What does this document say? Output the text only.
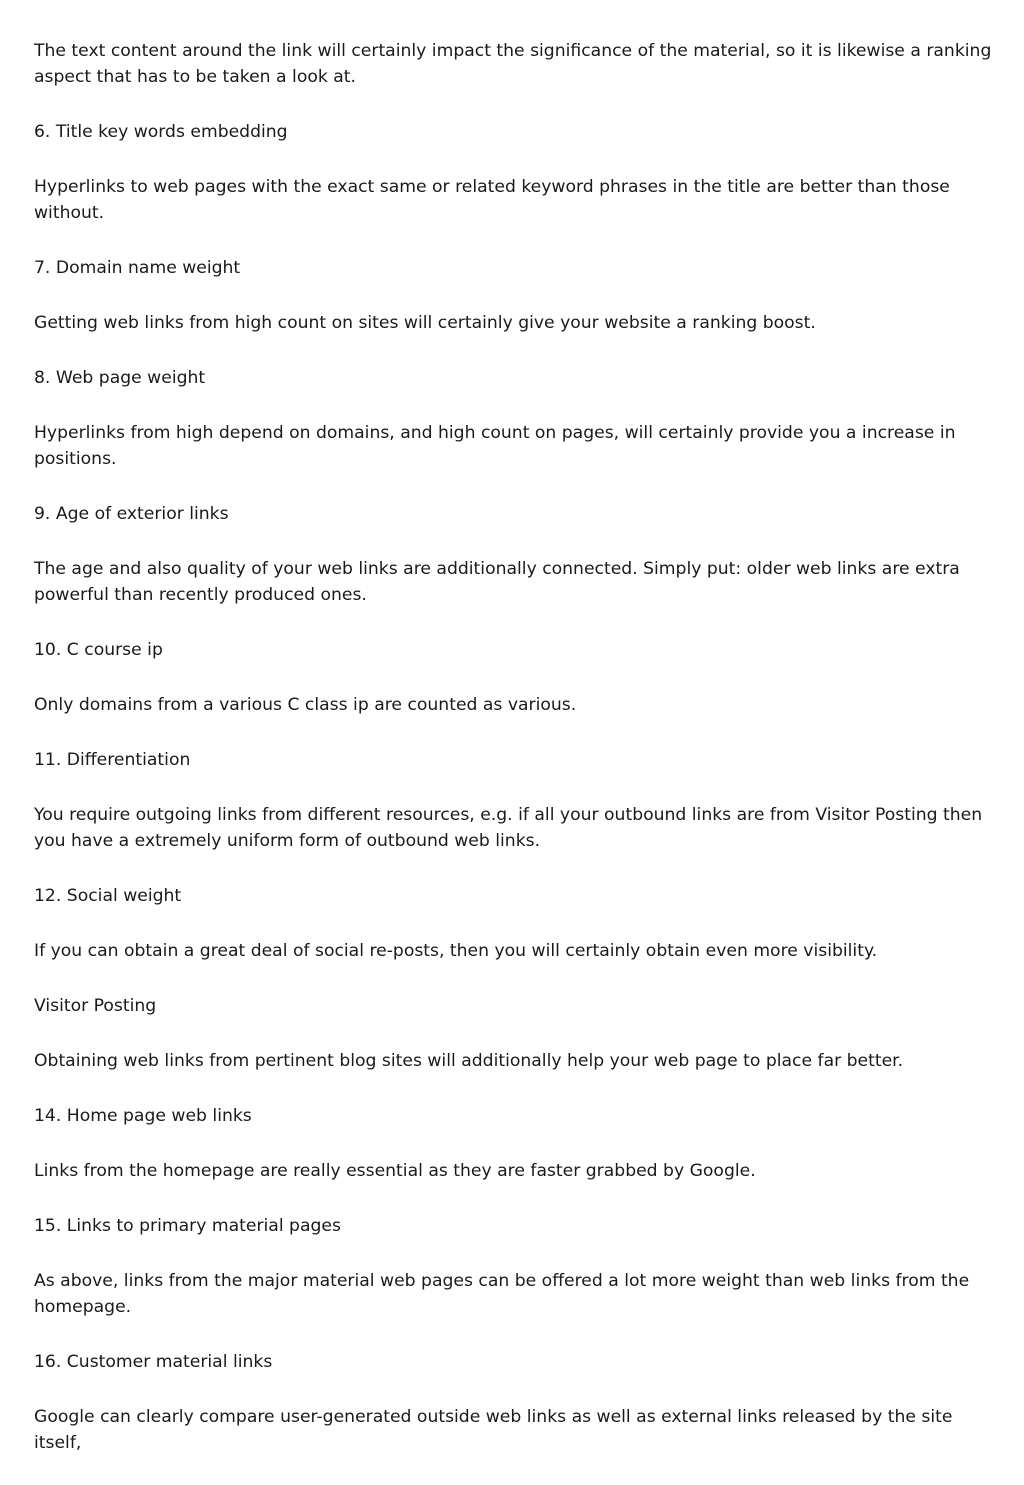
The text content around the link will certainly impact the significance of the material, so it is likewise a ranking aspect that has to be taken a look at.

6. Title key words embedding

Hyperlinks to web pages with the exact same or related keyword phrases in the title are better than those without.

7. Domain name weight

Getting web links from high count on sites will certainly give your website a ranking boost.

8. Web page weight

Hyperlinks from high depend on domains, and high count on pages, will certainly provide you a increase in positions.

9. Age of exterior links

The age and also quality of your web links are additionally connected. Simply put: older web links are extra powerful than recently produced ones.

10. C course ip

Only domains from a various C class ip are counted as various.

11. Differentiation

You require outgoing links from different resources, e.g. if all your outbound links are from Visitor Posting then you have a extremely uniform form of outbound web links.

12. Social weight

If you can obtain a great deal of social re-posts, then you will certainly obtain even more visibility.

Visitor Posting

Obtaining web links from pertinent blog sites will additionally help your web page to place far better.

14. Home page web links

Links from the homepage are really essential as they are faster grabbed by Google.

15. Links to primary material pages

As above, links from the major material web pages can be offered a lot more weight than web links from the homepage.

16. Customer material links

Google can clearly compare user-generated outside web links as well as external links released by the site itself,
